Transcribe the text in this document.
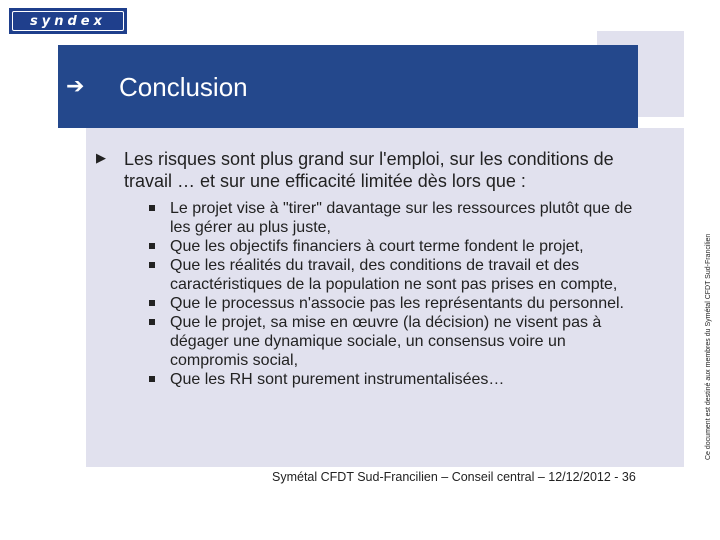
syndex
➔ Conclusion
▶ Les risques sont plus grand sur l'emploi, sur les conditions de travail … et sur une efficacité limitée dès lors que :
Le projet vise à "tirer" davantage sur les ressources plutôt que de les gérer au plus juste,
Que les objectifs financiers à court terme fondent le projet,
Que les réalités du travail, des conditions de travail et des caractéristiques de la population ne sont pas prises en compte,
Que le processus n'associe pas les représentants du personnel.
Que le projet, sa mise en œuvre (la décision) ne visent pas à dégager une dynamique sociale, un consensus voire un compromis social,
Que les RH sont purement instrumentalisées…
Symétal CFDT Sud-Francilien – Conseil central – 12/12/2012 - 36
Ce document est destiné aux membres du Symétal CFDT Sud-Francilien
